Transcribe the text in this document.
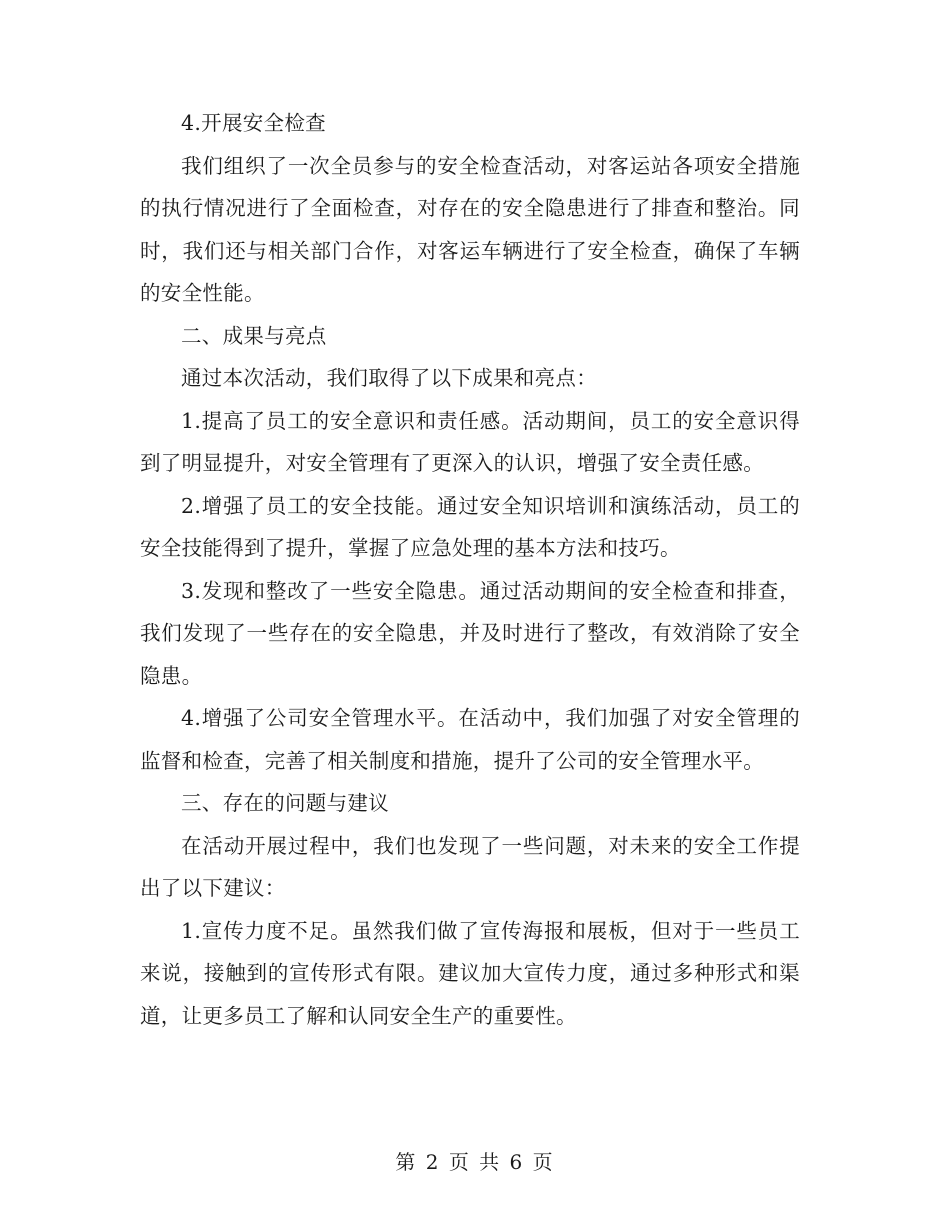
4.开展安全检查

我们组织了一次全员参与的安全检查活动，对客运站各项安全措施的执行情况进行了全面检查，对存在的安全隐患进行了排查和整治。同时，我们还与相关部门合作，对客运车辆进行了安全检查，确保了车辆的安全性能。

二、成果与亮点

通过本次活动，我们取得了以下成果和亮点：

1.提高了员工的安全意识和责任感。活动期间，员工的安全意识得到了明显提升，对安全管理有了更深入的认识，增强了安全责任感。

2.增强了员工的安全技能。通过安全知识培训和演练活动，员工的安全技能得到了提升，掌握了应急处理的基本方法和技巧。

3.发现和整改了一些安全隐患。通过活动期间的安全检查和排查，我们发现了一些存在的安全隐患，并及时进行了整改，有效消除了安全隐患。

4.增强了公司安全管理水平。在活动中，我们加强了对安全管理的监督和检查，完善了相关制度和措施，提升了公司的安全管理水平。

三、存在的问题与建议

在活动开展过程中，我们也发现了一些问题，对未来的安全工作提出了以下建议：

1.宣传力度不足。虽然我们做了宣传海报和展板，但对于一些员工来说，接触到的宣传形式有限。建议加大宣传力度，通过多种形式和渠道，让更多员工了解和认同安全生产的重要性。

第 2 页 共 6 页
